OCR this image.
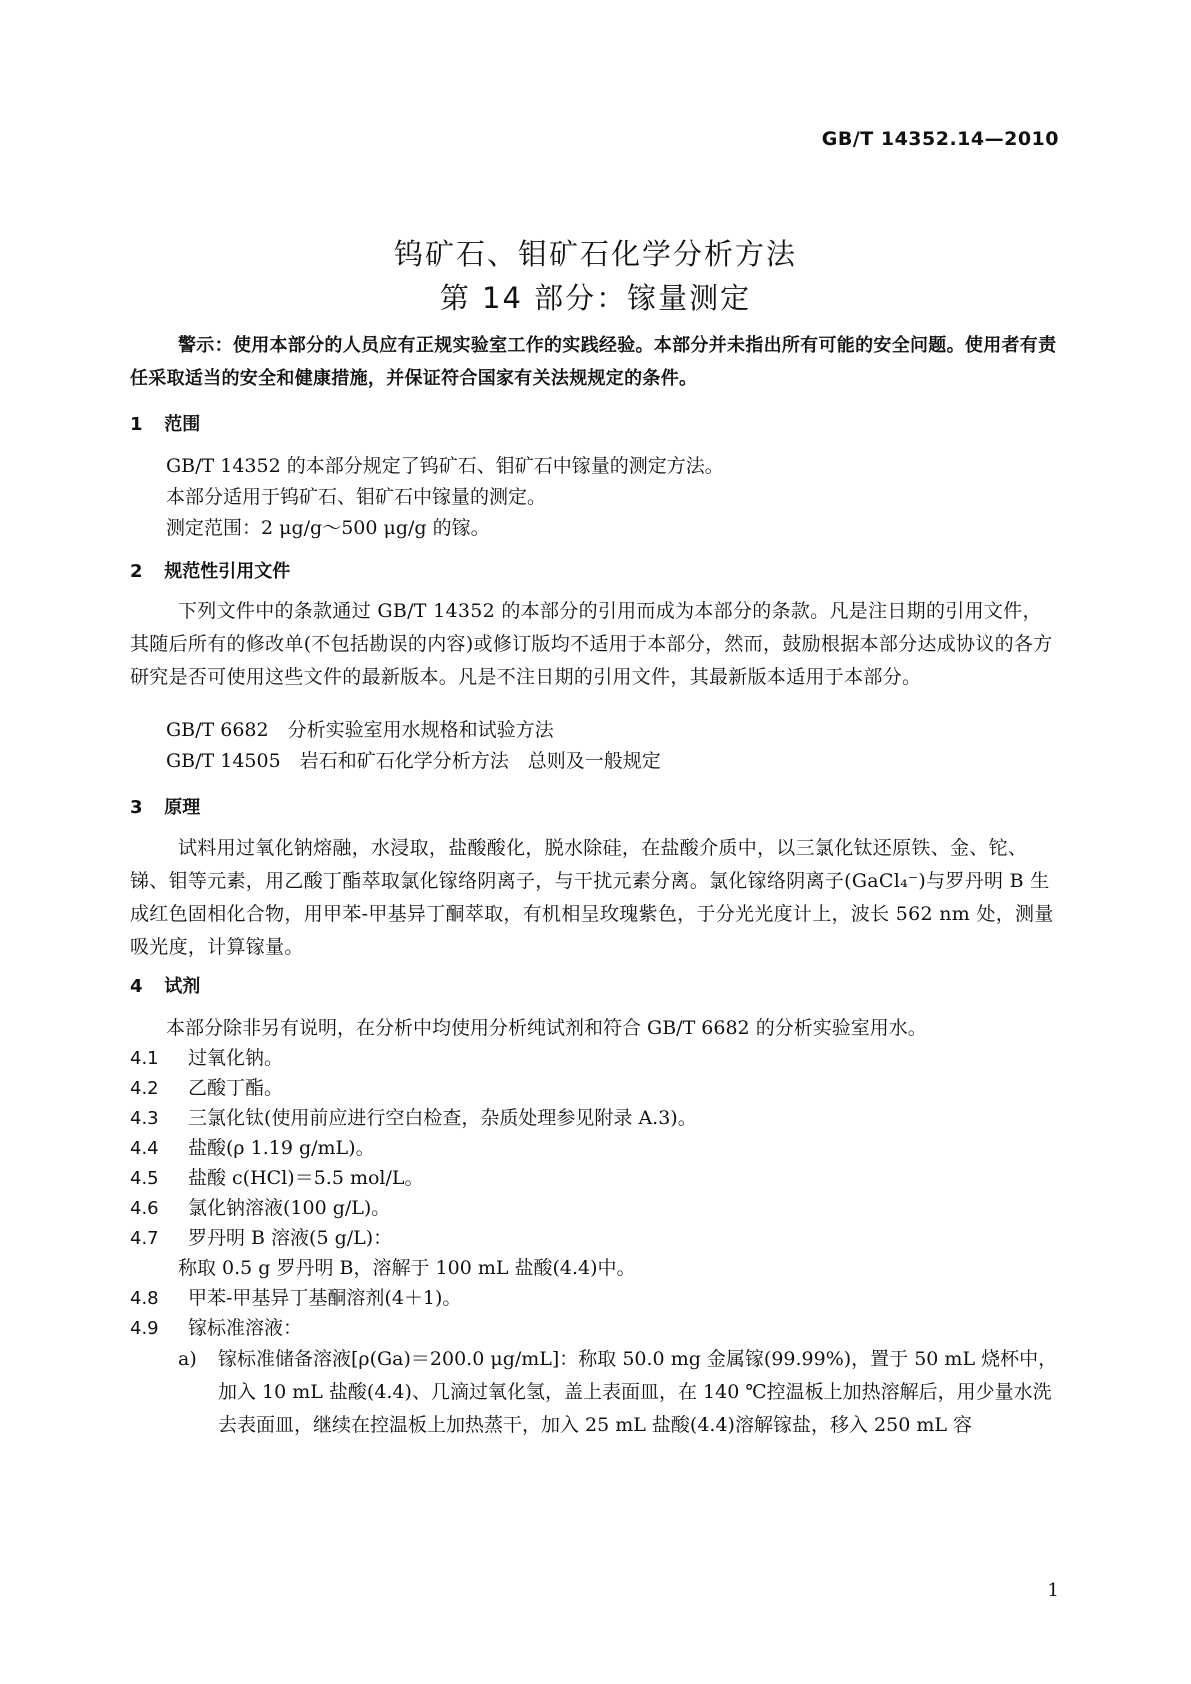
GB/T 14352.14—2010
钨矿石、钼矿石化学分析方法
第 14 部分：镓量测定
警示：使用本部分的人员应有正规实验室工作的实践经验。本部分并未指出所有可能的安全问题。使用者有责任采取适当的安全和健康措施，并保证符合国家有关法规规定的条件。
1 范围
GB/T 14352 的本部分规定了钨矿石、钼矿石中镓量的测定方法。
本部分适用于钨矿石、钼矿石中镓量的测定。
测定范围：2 μg/g～500 μg/g 的镓。
2 规范性引用文件
下列文件中的条款通过 GB/T 14352 的本部分的引用而成为本部分的条款。凡是注日期的引用文件，其随后所有的修改单(不包括勘误的内容)或修订版均不适用于本部分，然而，鼓励根据本部分达成协议的各方研究是否可使用这些文件的最新版本。凡是不注日期的引用文件，其最新版本适用于本部分。
GB/T 6682　分析实验室用水规格和试验方法
GB/T 14505　岩石和矿石化学分析方法　总则及一般规定
3 原理
试料用过氧化钠熔融，水浸取，盐酸酸化，脱水除硅，在盐酸介质中，以三氯化钛还原铁、金、铊、锑、钼等元素，用乙酸丁酯萃取氯化镓络阴离子，与干扰元素分离。氯化镓络阴离子(GaCl₄⁻)与罗丹明 B 生成红色固相化合物，用甲苯-甲基异丁酮萃取，有机相呈玫瑰紫色，于分光光度计上，波长 562 nm 处，测量吸光度，计算镓量。
4 试剂
本部分除非另有说明，在分析中均使用分析纯试剂和符合 GB/T 6682 的分析实验室用水。
4.1 过氧化钠。
4.2 乙酸丁酯。
4.3 三氯化钛(使用前应进行空白检查，杂质处理参见附录 A.3)。
4.4 盐酸(ρ 1.19 g/mL)。
4.5 盐酸 c(HCl)＝5.5 mol/L。
4.6 氯化钠溶液(100 g/L)。
4.7 罗丹明 B 溶液(5 g/L)：
称取 0.5 g 罗丹明 B，溶解于 100 mL 盐酸(4.4)中。
4.8 甲苯-甲基异丁基酮溶剂(4＋1)。
4.9 镓标准溶液：
a) 镓标准储备溶液[ρ(Ga)＝200.0 μg/mL]：称取 50.0 mg 金属镓(99.99%)，置于 50 mL 烧杯中，加入 10 mL 盐酸(4.4)、几滴过氧化氢，盖上表面皿，在 140 ℃控温板上加热溶解后，用少量水洗去表面皿，继续在控温板上加热蒸干，加入 25 mL 盐酸(4.4)溶解镓盐，移入 250 mL 容
1
